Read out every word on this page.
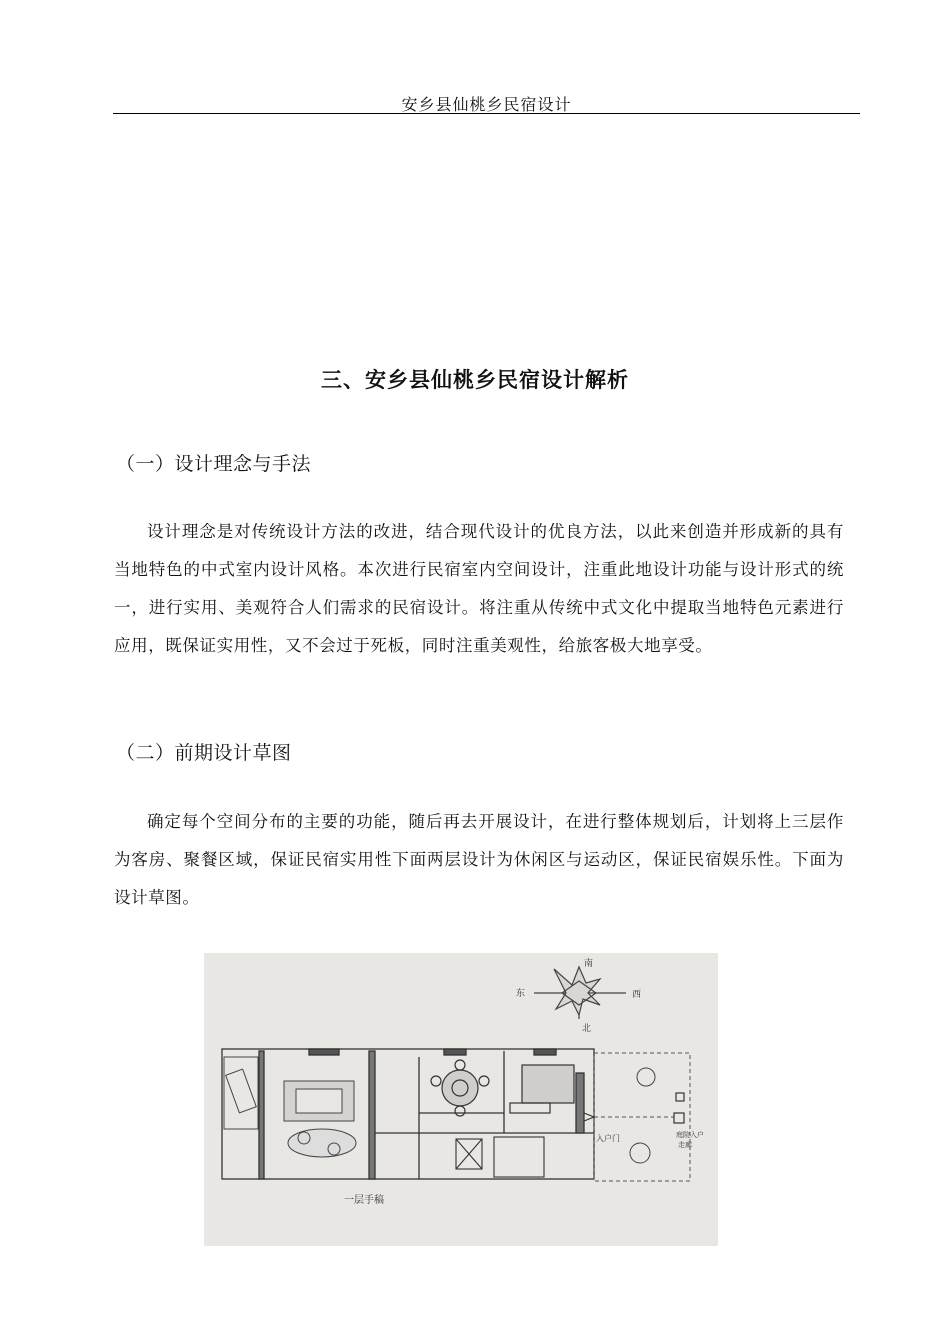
安乡县仙桃乡民宿设计
三、安乡县仙桃乡民宿设计解析
（一）设计理念与手法
设计理念是对传统设计方法的改进，结合现代设计的优良方法，以此来创造并形成新的具有当地特色的中式室内设计风格。本次进行民宿室内空间设计，注重此地设计功能与设计形式的统一，进行实用、美观符合人们需求的民宿设计。将注重从传统中式文化中提取当地特色元素进行应用，既保证实用性，又不会过于死板，同时注重美观性，给旅客极大地享受。
（二）前期设计草图
确定每个空间分布的主要的功能，随后再去开展设计，在进行整体规划后，计划将上三层作为客房、聚餐区域，保证民宿实用性下面两层设计为休闲区与运动区，保证民宿娱乐性。下面为设计草图。
南
东	西
北
入户门	庭院入户
走廊
一层手稿
